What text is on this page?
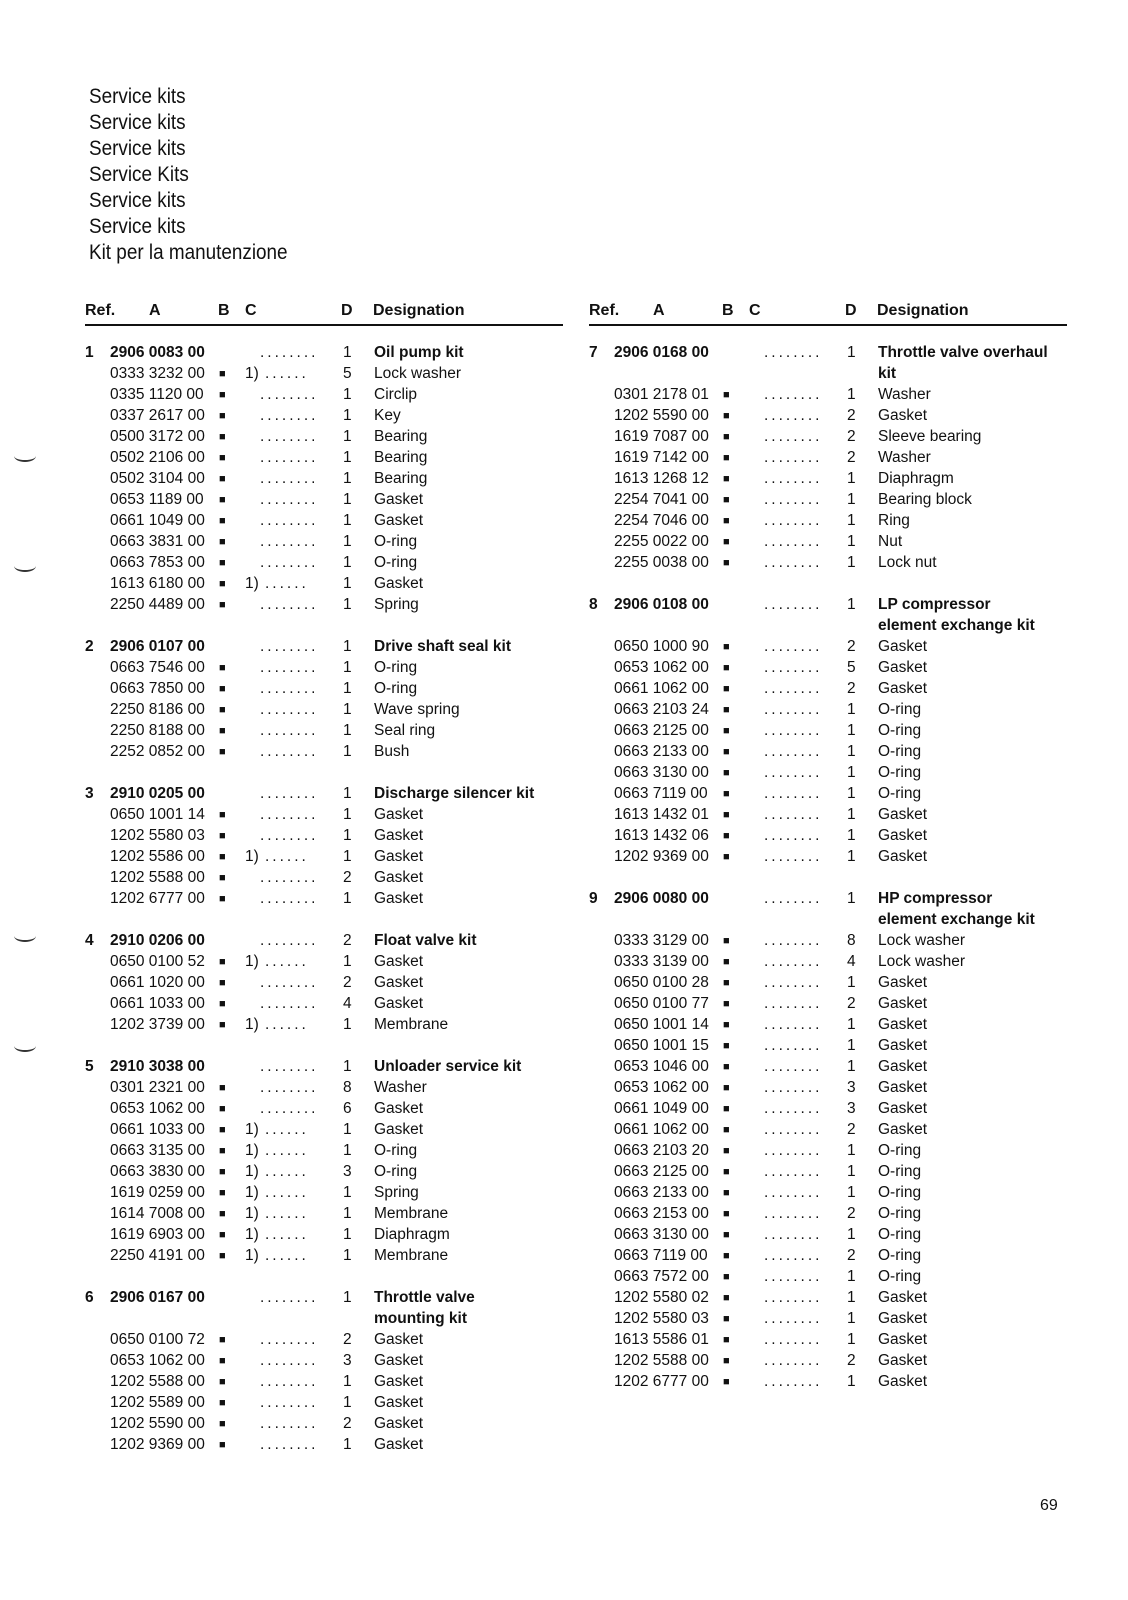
Service kits
Service kits
Service kits
Service Kits
Service kits
Service kits
Kit per la manutenzione
Ref. A	B C	D Designation
1 2906 0083 00	........ 1 Oil pump kit
0333 3232 00 ■ 1) ...... 5 Lock washer
0335 1120 00 ■ ........ 1 Circlip
0337 2617 00 ■ ........ 1 Key
0500 3172 00 ■ ........ 1 Bearing
0502 2106 00 ■ ........ 1 Bearing
0502 3104 00 ■ ........ 1 Bearing
0653 1189 00 ■ ........ 1 Gasket
0661 1049 00 ■ ........ 1 Gasket
0663 3831 00 ■ ........ 1 O-ring
0663 7853 00 ■ ........ 1 O-ring
1613 6180 00 ■ 1) ...... 1 Gasket
2250 4489 00 ■ ........ 1 Spring
2 2906 0107 00	........ 1 Drive shaft seal kit
0663 7546 00 ■ ........ 1 O-ring
0663 7850 00 ■ ........ 1 O-ring
2250 8186 00 ■ ........ 1 Wave spring
2250 8188 00 ■ ........ 1 Seal ring
2252 0852 00 ■ ........ 1 Bush
3 2910 0205 00	........ 1 Discharge silencer kit
0650 1001 14 ■ ........ 1 Gasket
1202 5580 03 ■ ........ 1 Gasket
1202 5586 00 ■ 1) ...... 1 Gasket
1202 5588 00 ■ ........ 2 Gasket
1202 6777 00 ■ ........ 1 Gasket
4 2910 0206 00	........ 2 Float valve kit
0650 0100 52 ■ 1) ...... 1 Gasket
0661 1020 00 ■ ........ 2 Gasket
0661 1033 00 ■ ........ 4 Gasket
1202 3739 00 ■ 1) ...... 1 Membrane
5 2910 3038 00	........ 1 Unloader service kit
0301 2321 00 ■ ........ 8 Washer
0653 1062 00 ■ ........ 6 Gasket
0661 1033 00 ■ 1) ...... 1 Gasket
0663 3135 00 ■ 1) ...... 1 O-ring
0663 3830 00 ■ 1) ...... 3 O-ring
1619 0259 00 ■ 1) ...... 1 Spring
1614 7008 00 ■ 1) ...... 1 Membrane
1619 6903 00 ■ 1) ...... 1 Diaphragm
2250 4191 00 ■ 1) ...... 1 Membrane
6 2906 0167 00	........ 1 Throttle valve
mounting kit
0650 0100 72 ■ ........ 2 Gasket
0653 1062 00 ■ ........ 3 Gasket
1202 5588 00 ■ ........ 1 Gasket
1202 5589 00 ■ ........ 1 Gasket
1202 5590 00 ■ ........ 2 Gasket
1202 9369 00 ■ ........ 1 Gasket
Ref. A	B C	D Designation
7 2906 0168 00	........ 1 Throttle valve overhaul
kit
0301 2178 01 ■ ........ 1 Washer
1202 5590 00 ■ ........ 2 Gasket
1619 7087 00 ■ ........ 2 Sleeve bearing
1619 7142 00 ■ ........ 2 Washer
1613 1268 12 ■ ........ 1 Diaphragm
2254 7041 00 ■ ........ 1 Bearing block
2254 7046 00 ■ ........ 1 Ring
2255 0022 00 ■ ........ 1 Nut
2255 0038 00 ■ ........ 1 Lock nut
8 2906 0108 00	........ 1 LP compressor
element exchange kit
0650 1000 90 ■ ........ 2 Gasket
0653 1062 00 ■ ........ 5 Gasket
0661 1062 00 ■ ........ 2 Gasket
0663 2103 24 ■ ........ 1 O-ring
0663 2125 00 ■ ........ 1 O-ring
0663 2133 00 ■ ........ 1 O-ring
0663 3130 00 ■ ........ 1 O-ring
0663 7119 00 ■ ........ 1 O-ring
1613 1432 01 ■ ........ 1 Gasket
1613 1432 06 ■ ........ 1 Gasket
1202 9369 00 ■ ........ 1 Gasket
9 2906 0080 00	........ 1 HP compressor
element exchange kit
0333 3129 00 ■ ........ 8 Lock washer
0333 3139 00 ■ ........ 4 Lock washer
0650 0100 28 ■ ........ 1 Gasket
0650 0100 77 ■ ........ 2 Gasket
0650 1001 14 ■ ........ 1 Gasket
0650 1001 15 ■ ........ 1 Gasket
0653 1046 00 ■ ........ 1 Gasket
0653 1062 00 ■ ........ 3 Gasket
0661 1049 00 ■ ........ 3 Gasket
0661 1062 00 ■ ........ 2 Gasket
0663 2103 20 ■ ........ 1 O-ring
0663 2125 00 ■ ........ 1 O-ring
0663 2133 00 ■ ........ 1 O-ring
0663 2153 00 ■ ........ 2 O-ring
0663 3130 00 ■ ........ 1 O-ring
0663 7119 00 ■ ........ 2 O-ring
0663 7572 00 ■ ........ 1 O-ring
1202 5580 02 ■ ........ 1 Gasket
1202 5580 03 ■ ........ 1 Gasket
1613 5586 01 ■ ........ 1 Gasket
1202 5588 00 ■ ........ 2 Gasket
1202 6777 00 ■ ........ 1 Gasket
69
